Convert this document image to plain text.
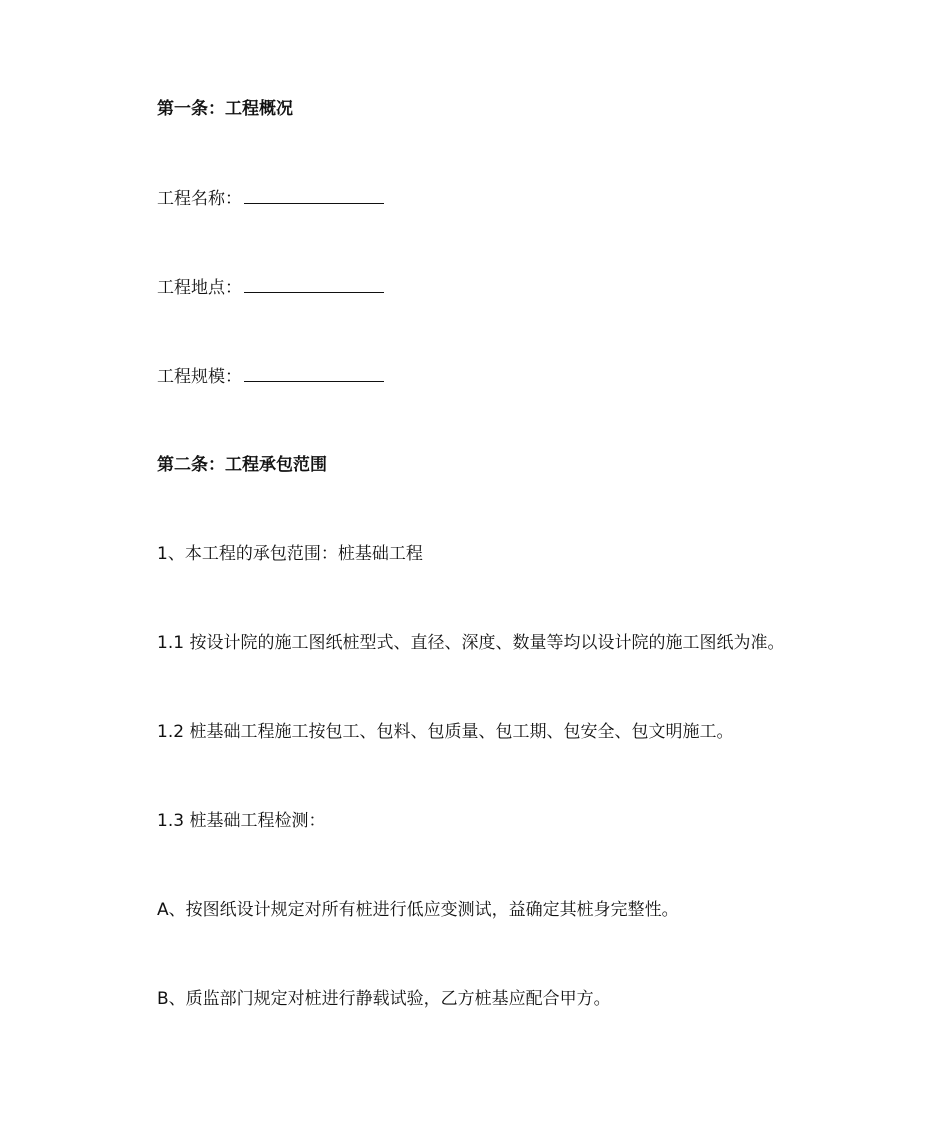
第一条：工程概况
工程名称：
工程地点：
工程规模：
第二条：工程承包范围
1、本工程的承包范围：桩基础工程
1.1 按设计院的施工图纸桩型式、直径、深度、数量等均以设计院的施工图纸为准。
1.2 桩基础工程施工按包工、包料、包质量、包工期、包安全、包文明施工。
1.3 桩基础工程检测：
A、按图纸设计规定对所有桩进行低应变测试，益确定其桩身完整性。
B、质监部门规定对桩进行静载试验，乙方桩基应配合甲方。
